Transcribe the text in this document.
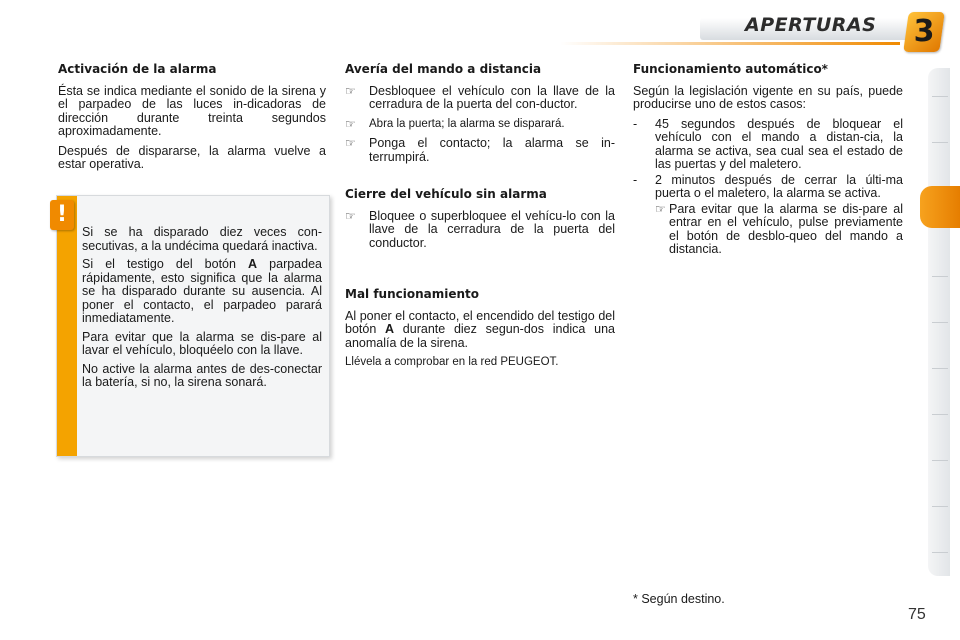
APERTURAS 3
Activación de la alarma

Ésta se indica mediante el sonido de la sirena y el parpadeo de las luces in-dicadoras de dirección durante treinta segundos aproximadamente.

Después de dispararse, la alarma vuelve a estar operativa.

!

Si se ha disparado diez veces con-secutivas, a la undécima quedará inactiva.

Si el testigo del botón A parpadea rápidamente, esto significa que la alarma se ha disparado durante su ausencia. Al poner el contacto, el parpadeo parará inmediatamente.

Para evitar que la alarma se dis-pare al lavar el vehículo, bloquéelo con la llave.

No active la alarma antes de des-conectar la batería, si no, la sirena sonará.

Avería del mando a distancia
☞	Desbloquee el vehículo con la llave de la cerradura de la puerta del con-ductor.
☞	Abra la puerta; la alarma se disparará.
☞	Ponga el contacto; la alarma se in-terrumpirá.
Cierre del vehículo sin alarma
☞	Bloquee o superbloquee el vehícu-lo con la llave de la cerradura de la puerta del conductor.
Mal funcionamiento

Al poner el contacto, el encendido del testigo del botón A durante diez segun-dos indica una anomalía de la sirena.

Llévela a comprobar en la red PEUGEOT.

Funcionamiento automático*

Según la legislación vigente en su país, puede producirse uno de estos casos:

-	45 segundos después de bloquear el vehículo con el mando a distan-cia, la alarma se activa, sea cual sea el estado de las puertas y del maletero.
-	2 minutos después de cerrar la últi-ma puerta o el maletero, la alarma se activa.
☞ Para evitar que la alarma se dis-pare al entrar en el vehículo, pulse previamente el botón de desblo-queo del mando a distancia.
* Según destino.
75
